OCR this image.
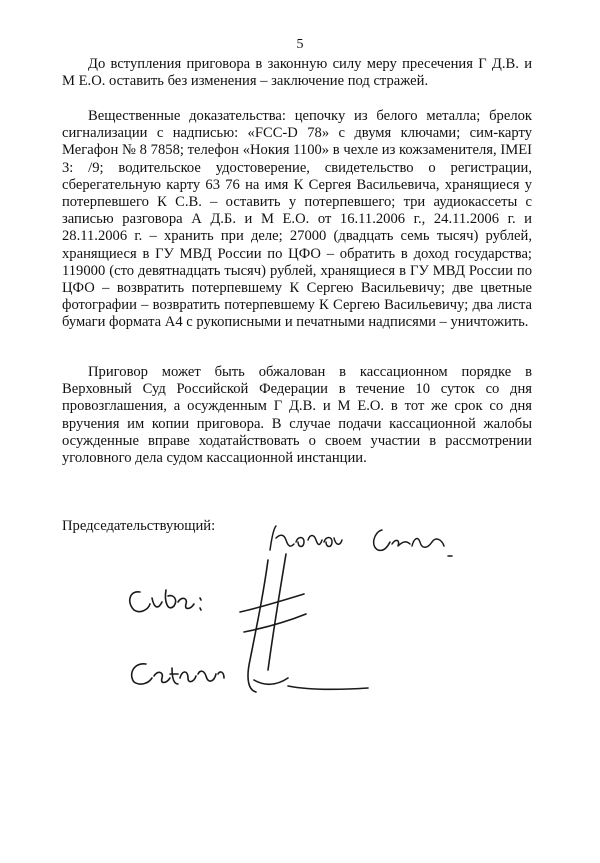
5

До вступления приговора в законную силу меру пресечения Г Д.В. и М Е.О. оставить без изменения – заключение под стражей.

Вещественные доказательства: цепочку из белого металла; брелок сигнализации с надписью: «FCC-D 78» с двумя ключами; сим-карту Мегафон № 8 7858; телефон «Нокия 1100» в чехле из кожзаменителя, IMEI 3: /9; водительское удостоверение, свидетельство о регистрации, сберегательную карту 63 76 на имя К Сергея Васильевича, хранящиеся у потерпевшего К С.В. – оставить у потерпевшего; три аудиокассеты с записью разговора А Д.Б. и М Е.О. от 16.11.2006 г., 24.11.2006 г. и 28.11.2006 г. – хранить при деле; 27000 (двадцать семь тысяч) рублей, хранящиеся в ГУ МВД России по ЦФО – обратить в доход государства; 119000 (сто девятнадцать тысяч) рублей, хранящиеся в ГУ МВД России по ЦФО – возвратить потерпевшему К Сергею Васильевичу; две цветные фотографии – возвратить потерпевшему К Сергею Васильевичу; два листа бумаги формата А4 с рукописными и печатными надписями – уничтожить.

Приговор может быть обжалован в кассационном порядке в Верховный Суд Российской Федерации в течение 10 суток со дня провозглашения, а осужденным Г Д.В. и М Е.О. в тот же срок со дня вручения им копии приговора. В случае подачи кассационной жалобы осужденные вправе ходатайствовать о своем участии в рассмотрении уголовного дела судом кассационной инстанции.

Председательствующий:
